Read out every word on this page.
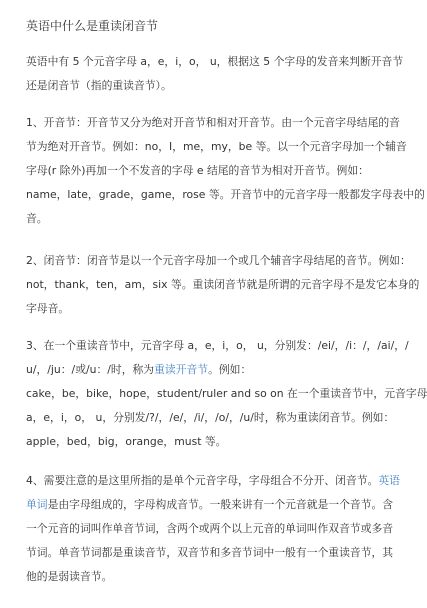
英语中什么是重读闭音节
英语中有 5 个元音字母 a，e，i，o， u，根据这 5 个字母的发音来判断开音节
还是闭音节（指的重读音节）。
1、开音节：开音节又分为绝对开音节和相对开音节。由一个元音字母结尾的音
节为绝对开音节。例如：no，I，me，my，be 等。以一个元音字母加一个辅音
字母(r 除外)再加一个不发音的字母 e 结尾的音节为相对开音节。例如：
name，late，grade，game，rose 等。开音节中的元音字母一般都发字母表中的
音。
2、闭音节：闭音节是以一个元音字母加一个或几个辅音字母结尾的音节。例如：
not，thank，ten，am，six 等。重读闭音节就是所谓的元音字母不是发它本身的
字母音。
3、在一个重读音节中，元音字母 a，e，i，o， u，分别发：/ei/，/i：/，/ai/，/
u/，/ju：/或/u：/时，称为重读开音节。例如：
cake，be，bike，hope，student/ruler and so on 在一个重读音节中，元音字母
a，e，i，o， u，分别发/?/，/e/，/i/，/o/，/u/时，称为重读闭音节。例如：
apple，bed，big，orange，must 等。
4、需要注意的是这里所指的是单个元音字母，字母组合不分开、闭音节。英语
单词是由字母组成的，字母构成音节。一般来讲有一个元音就是一个音节。含
一个元音的词叫作单音节词，含两个或两个以上元音的单词叫作双音节或多音
节词。单音节词都是重读音节，双音节和多音节词中一般有一个重读音节，其
他的是弱读音节。
